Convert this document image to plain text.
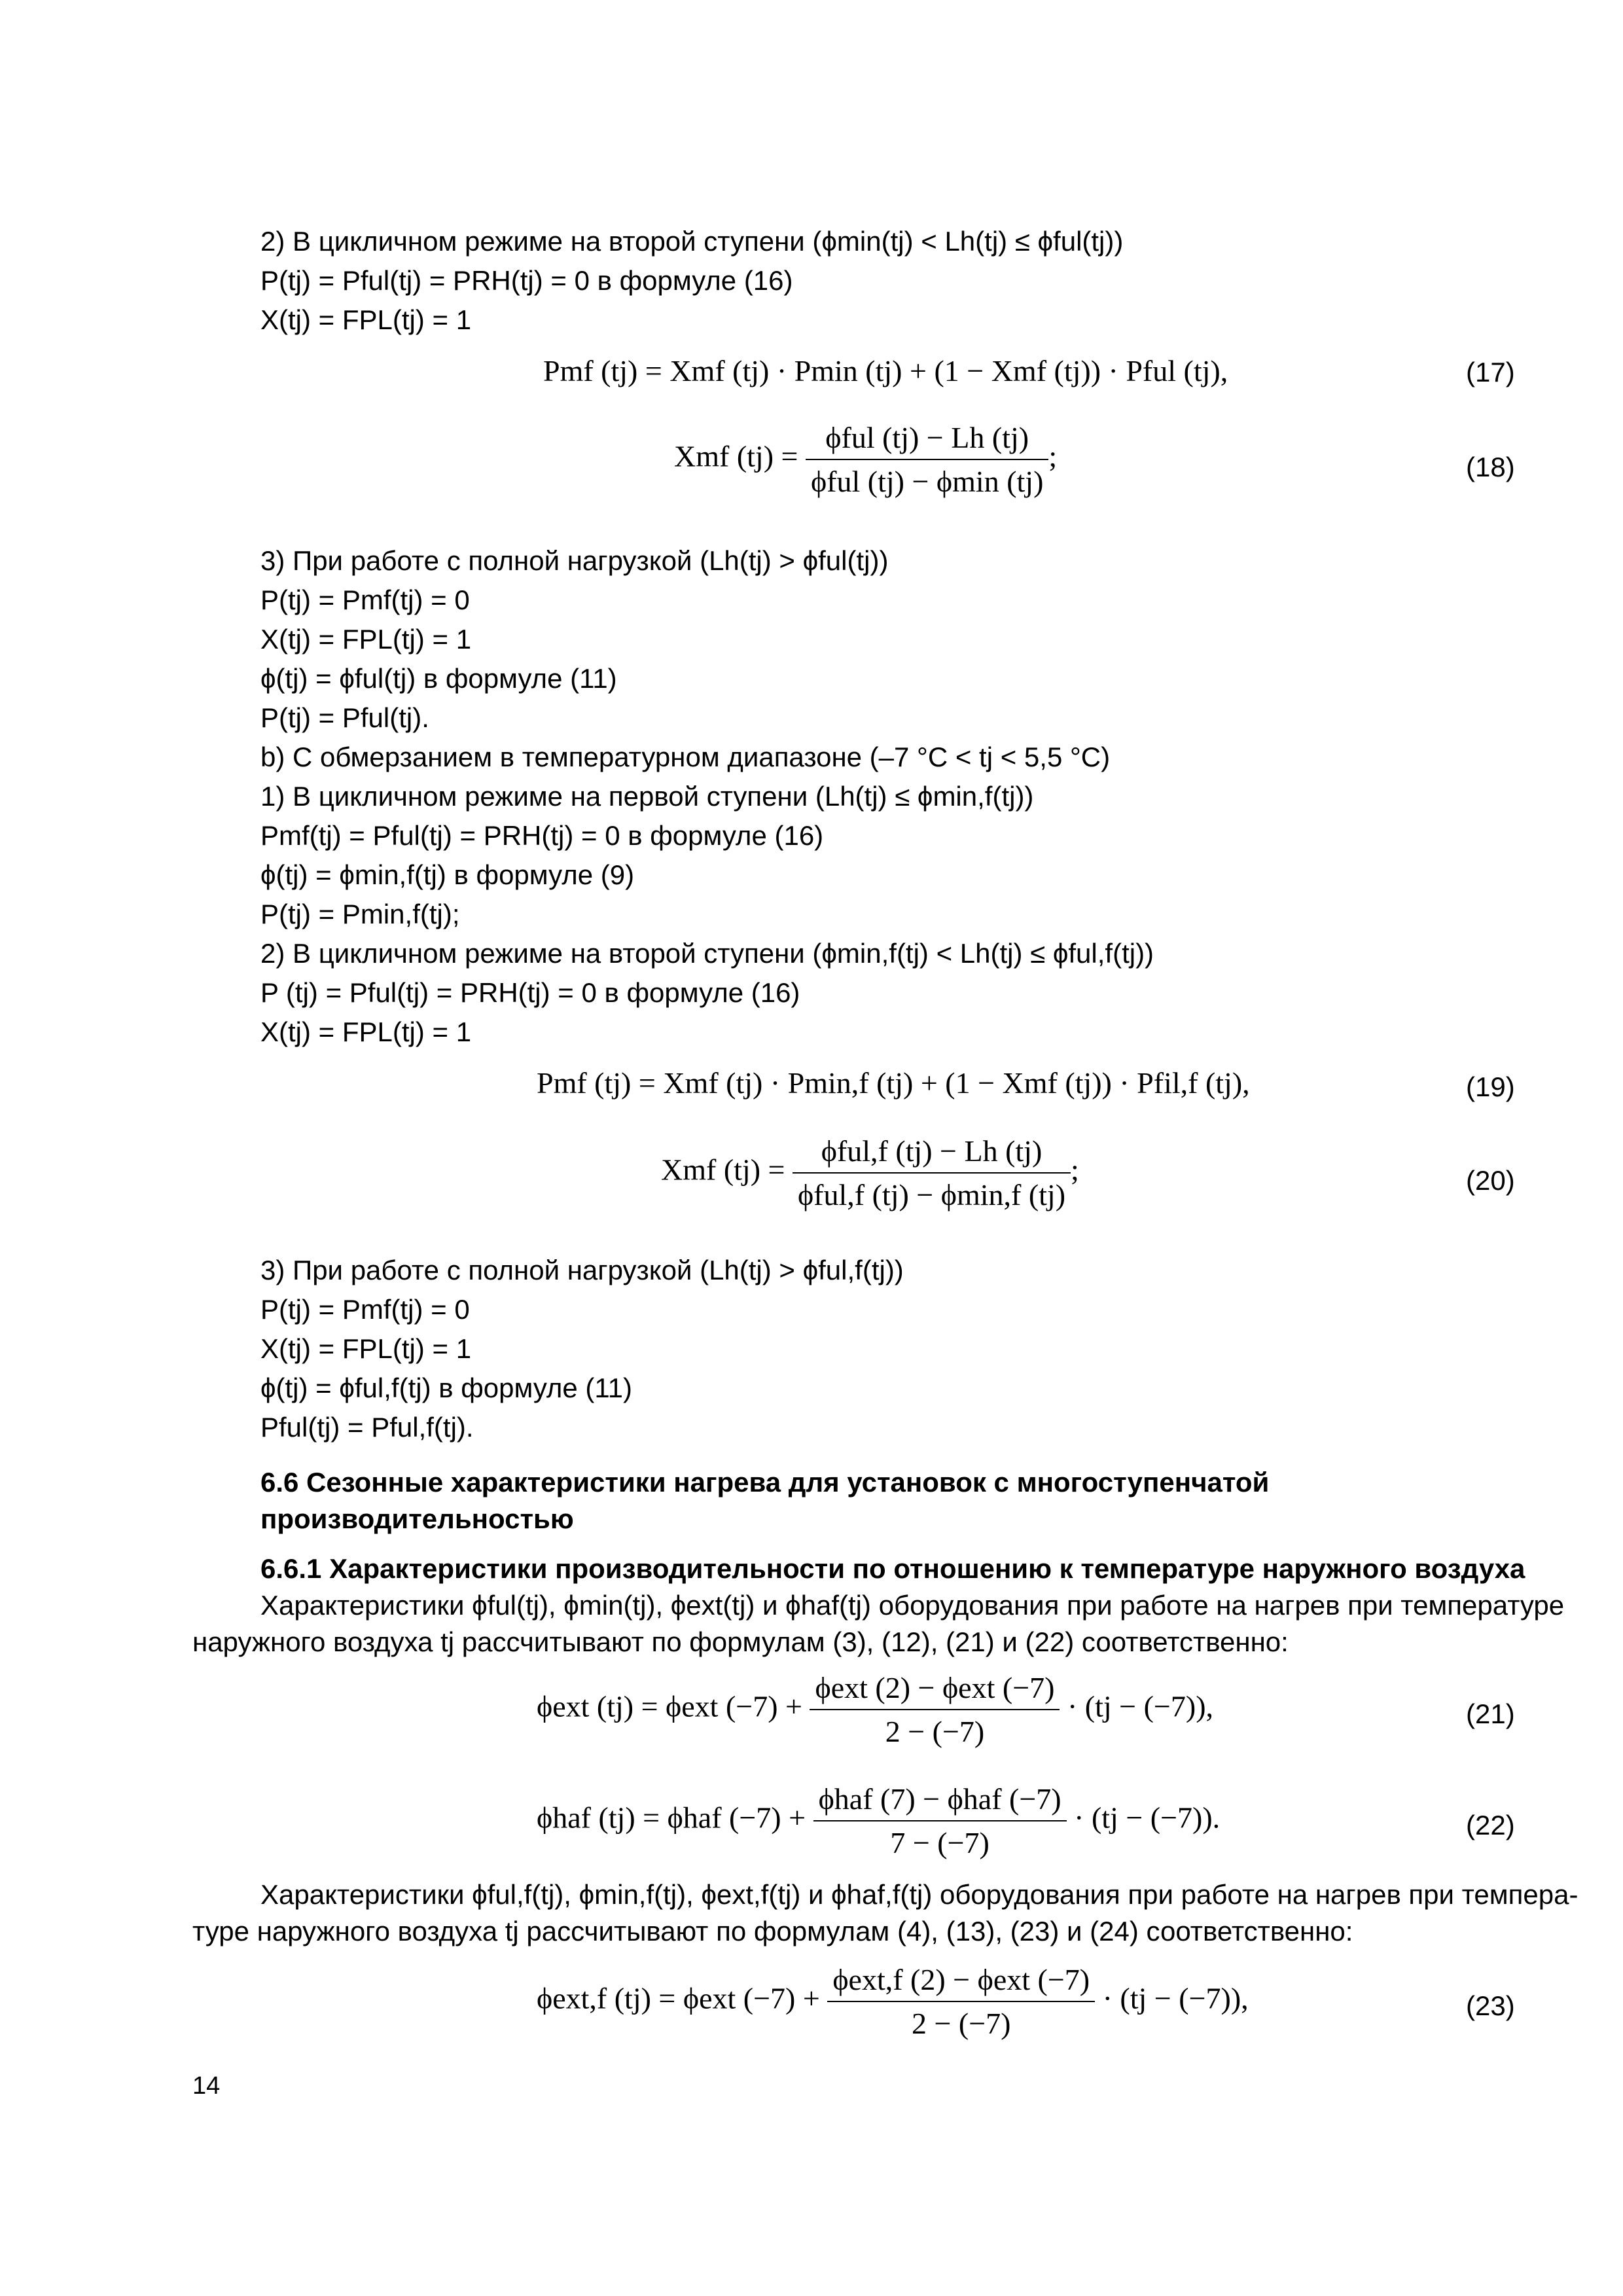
2) В цикличном режиме на второй ступени (ϕmin(tj) < Lh(tj) ≤ ϕful(tj))
P(tj) = Pful(tj) = PRH(tj) = 0 в формуле (16)
X(tj) = FPL(tj) = 1
Pmf (tj) = Xmf (tj) · Pmin (tj) + (1 − Xmf (tj)) · Pful (tj),	(17)
Xmf $(tj) = \frac{\text{ϕful (tj) − Lh (tj)}}{\text{ϕful (tj) − ϕmin (tj)}}$ ;	(18)
3) При работе с полной нагрузкой (Lh(tj) > ϕful(tj))
P(tj) = Pmf(tj) = 0
X(tj) = FPL(tj) = 1
ϕ(tj) = ϕful(tj) в формуле (11)
P(tj) = Pful(tj).
b) С обмерзанием в температурном диапазоне (–7 °C < tj < 5,5 °C)
1) В цикличном режиме на первой ступени (Lh(tj) ≤ ϕmin,f(tj))
Pmf(tj) = Pful(tj) = PRH(tj) = 0 в формуле (16)
ϕ(tj) = ϕmin,f(tj) в формуле (9)
P(tj) = Pmin,f(tj);
2) В цикличном режиме на второй ступени (ϕmin,f(tj) < Lh(tj) ≤ ϕful,f(tj))
P (tj) = Pful(tj) = PRH(tj) = 0 в формуле (16)
X(tj) = FPL(tj) = 1
Pmf (tj) = Xmf (tj) · Pmin,f (tj) + (1 − Xmf (tj)) · Pfil,f (tj),	(19)
Xmf $(tj) = \frac{\text{ϕful,f (tj) − Lh (tj)}}{\text{ϕful,f (tj) − ϕmin,f (tj)}}$ ;	(20)
3) При работе с полной нагрузкой (Lh(tj) > ϕful,f(tj))
P(tj) = Pmf(tj) = 0
X(tj) = FPL(tj) = 1
ϕ(tj) = ϕful,f(tj) в формуле (11)
Pful(tj) = Pful,f(tj).
6.6 Сезонные характеристики нагрева для установок с многоступенчатой
производительностью
6.6.1 Характеристики производительности по отношению к температуре наружного воздуха
Характеристики ϕful(tj), ϕmin(tj), ϕext(tj) и ϕhaf(tj) оборудования при работе на нагрев при температуре
наружного воздуха tj рассчитывают по формулам (3), (12), (21) и (22) соответственно:
ϕext (tj) = ϕext $(-7) + \frac{\text{ϕext (2) − ϕext (−7)}}{2 - (-7)} \cdot (tj - (-7))$,	(21)
ϕhaf (tj) = ϕhaf $(-7) + \frac{\text{ϕhaf (7) − ϕhaf (−7)}}{7 - (-7)} \cdot (tj - (-7))$.	(22)
Характеристики ϕful,f(tj), ϕmin,f(tj), ϕext,f(tj) и ϕhaf,f(tj) оборудования при работе на нагрев при темпера-
туре наружного воздуха tj рассчитывают по формулам (4), (13), (23) и (24) соответственно:
ϕext,f (tj) = ϕext $(-7) + \frac{\text{ϕext,f (2) − ϕext (−7)}}{2 - (-7)} \cdot (tj - (-7))$,	(23)
14
